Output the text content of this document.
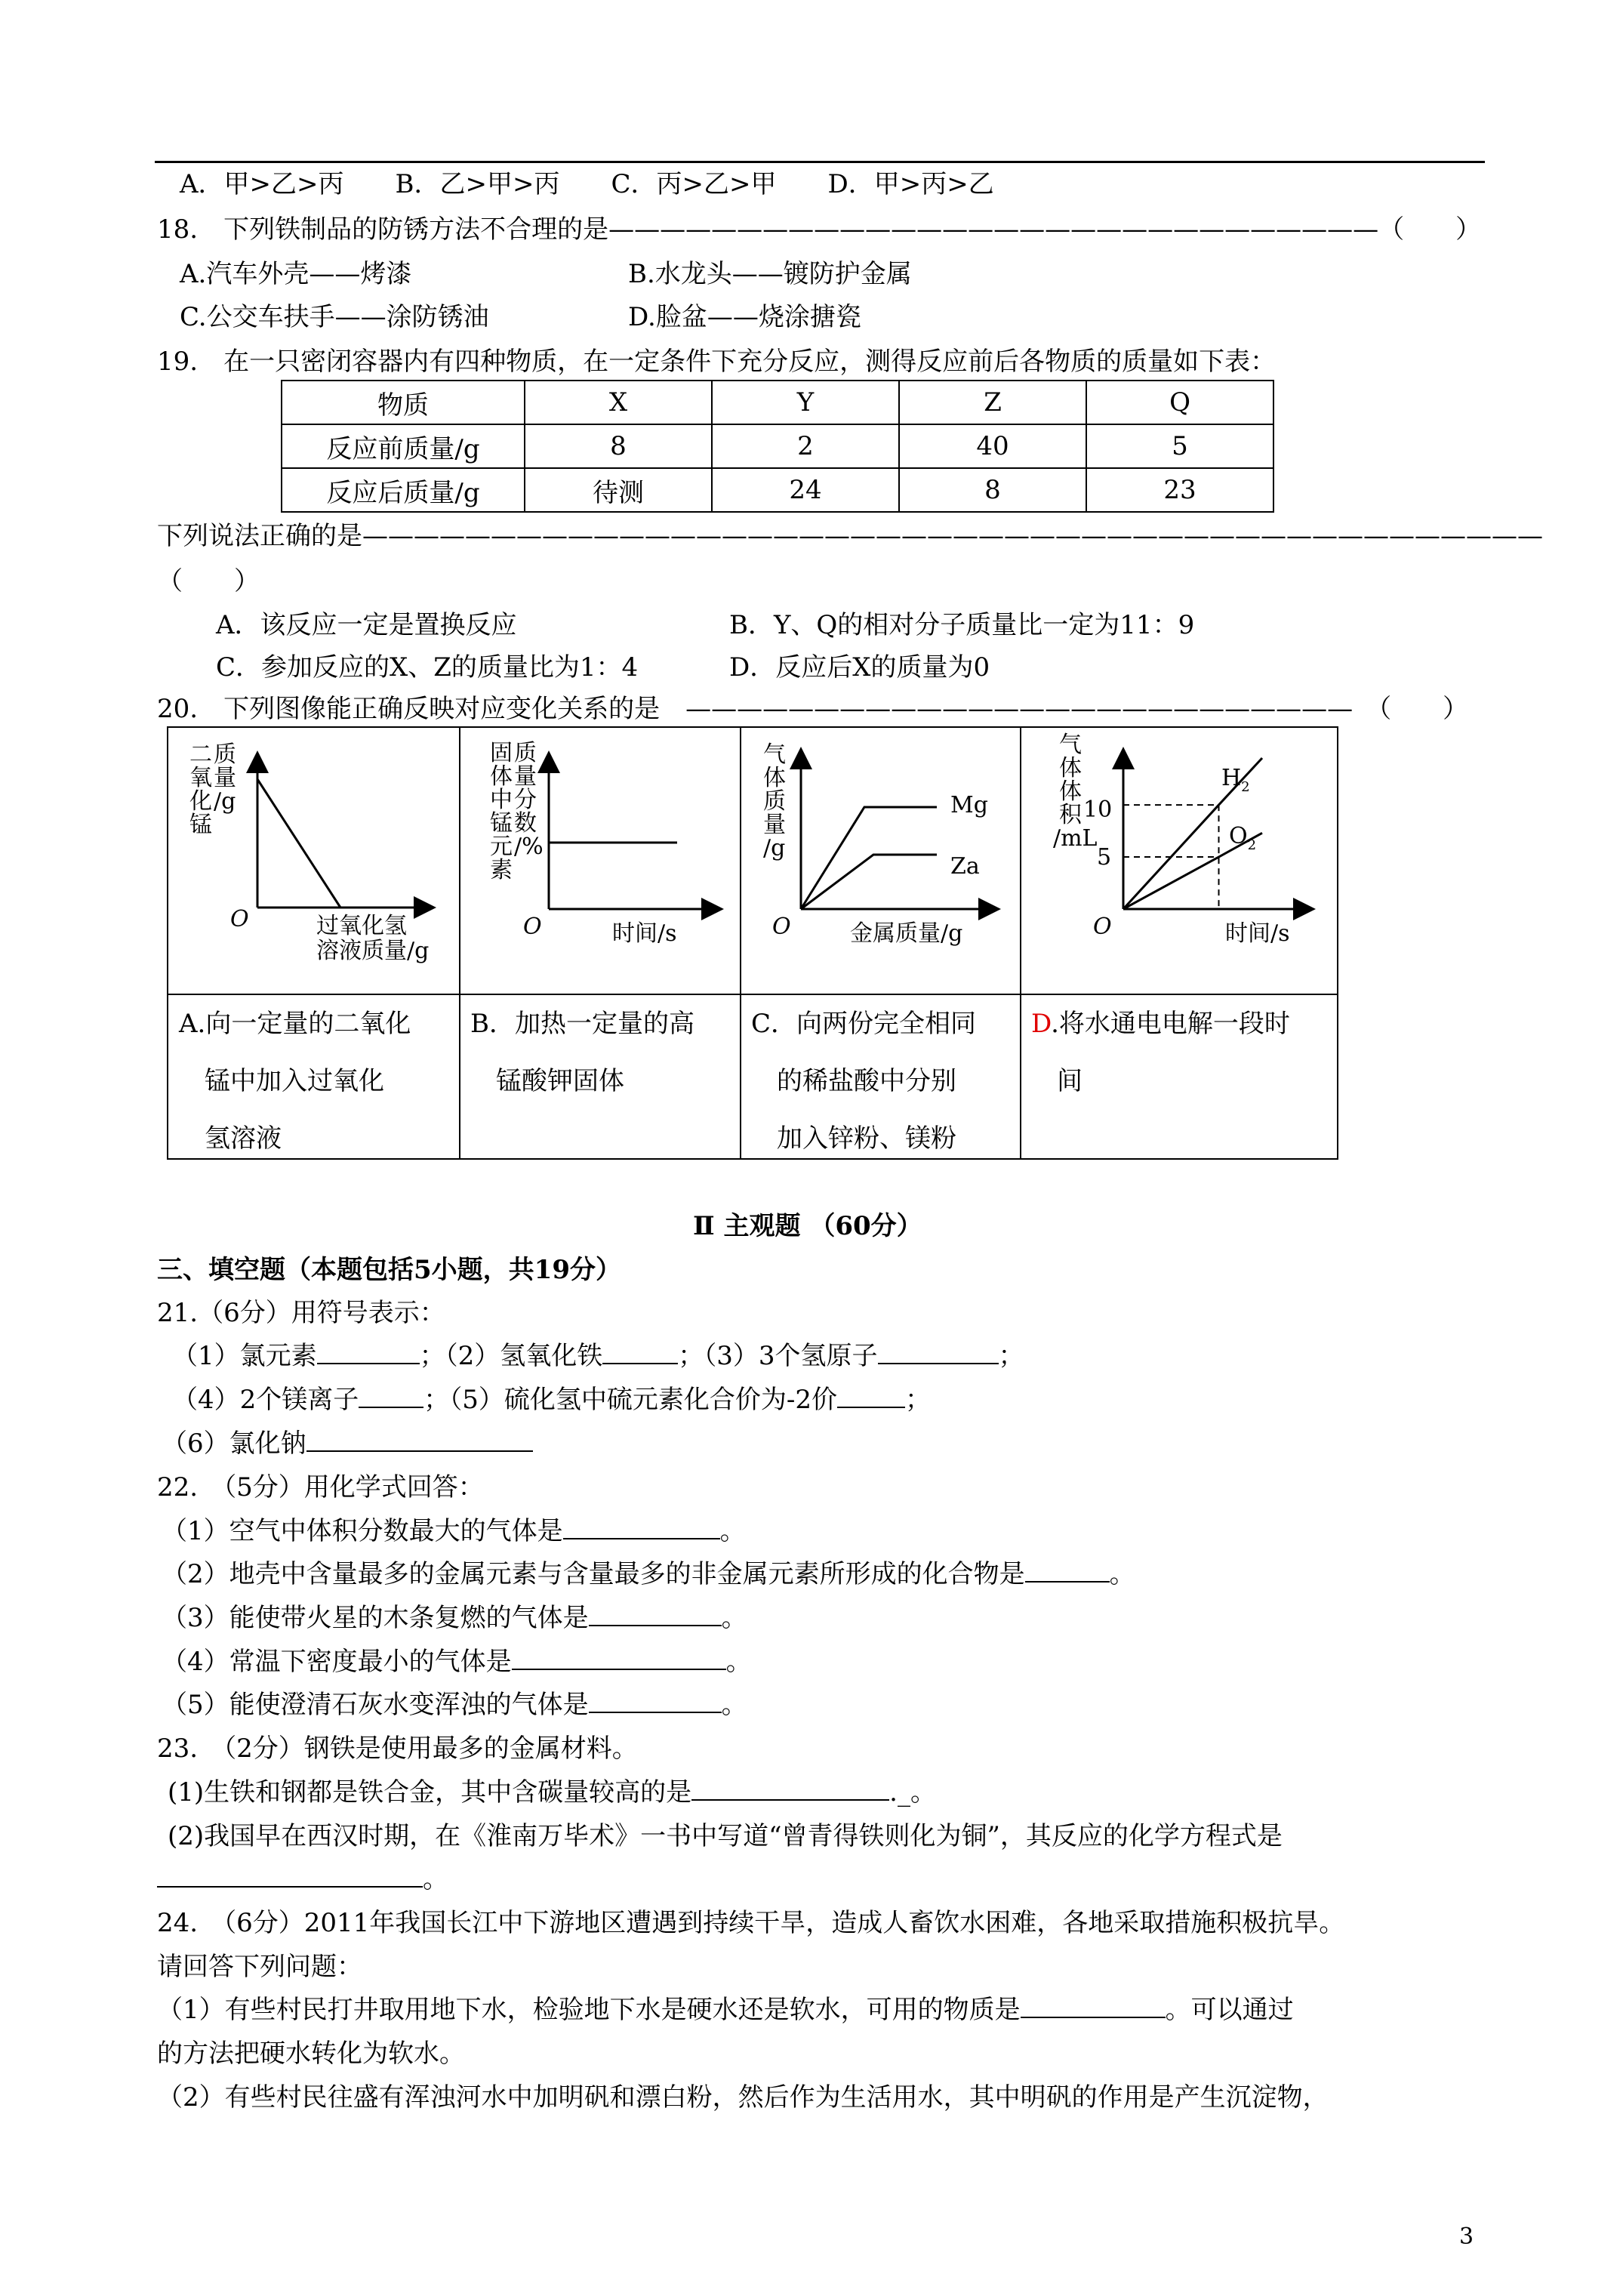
A．甲>乙>丙　　B．乙>甲>丙　　C．丙>乙>甲　　D．甲>丙>乙
18.　下列铁制品的防锈方法不合理的是——————————————————————————————（　　）
A.汽车外壳——烤漆	B.水龙头——镀防护金属
C.公交车扶手——涂防锈油	D.脸盆——烧涂搪瓷
19.　在一只密闭容器内有四种物质，在一定条件下充分反应，测得反应前后各物质的质量如下表：
物质	X	Y	Z	Q
反应前质量/g	8	2	40	5
反应后质量/g	待测	24	8	23
下列说法正确的是——————————————————————————————————————————————
（　　）
A．该反应一定是置换反应	B．Y、Q的相对分子质量比一定为11：9
C．参加反应的X、Z的质量比为1：4	D．反应后X的质量为0
20.　下列图像能正确反映对应变化关系的是　——————————————————————————　（　　）
二
氧
化
锰
质
量
/g
O	过氧化氢
溶液质量/g
固
体
中
锰
元
素
质
量
分
数
/%
O	时间/s
气
体
质
量
/g
Mg
Za
O	金属质量/g
气
体
体
积
/mL
10
5
$H_2$
$O_2$
O	时间/s
A.向一定量的二氧化
　锰中加入过氧化
　氢溶液
B．加热一定量的高
　锰酸钾固体
C．向两份完全相同
　的稀盐酸中分别
　加入锌粉、镁粉
D.将水通电电解一段时
　间
Ⅱ 主观题 （60分）
三、填空题（本题包括5小题，共19分）
21.（6分）用符号表示：
（1）氯元素	；（2）氢氧化铁	；（3）3个氢原子	；
（4）2个镁离子	；（5）硫化氢中硫元素化合价为-2价	；
（6）氯化钠
22.　（5分）用化学式回答：
（1）空气中体积分数最大的气体是	。
（2）地壳中含量最多的金属元素与含量最多的非金属元素所形成的化合物是	。
（3）能使带火星的木条复燃的气体是	。
（4）常温下密度最小的气体是	。
（5）能使澄清石灰水变浑浊的气体是	。
23.　（2分）钢铁是使用最多的金属材料。
(1)生铁和钢都是铁合金，其中含碳量较高的是	._。
(2)我国早在西汉时期，在《淮南万毕术》一书中写道“曾青得铁则化为铜”，其反应的化学方程式是
。
24.　（6分）2011年我国长江中下游地区遭遇到持续干旱，造成人畜饮水困难，各地采取措施积极抗旱。
请回答下列问题：
（1）有些村民打井取用地下水，检验地下水是硬水还是软水，可用的物质是	。可以通过
的方法把硬水转化为软水。
（2）有些村民往盛有浑浊河水中加明矾和漂白粉，然后作为生活用水，其中明矾的作用是产生沉淀物，
3
